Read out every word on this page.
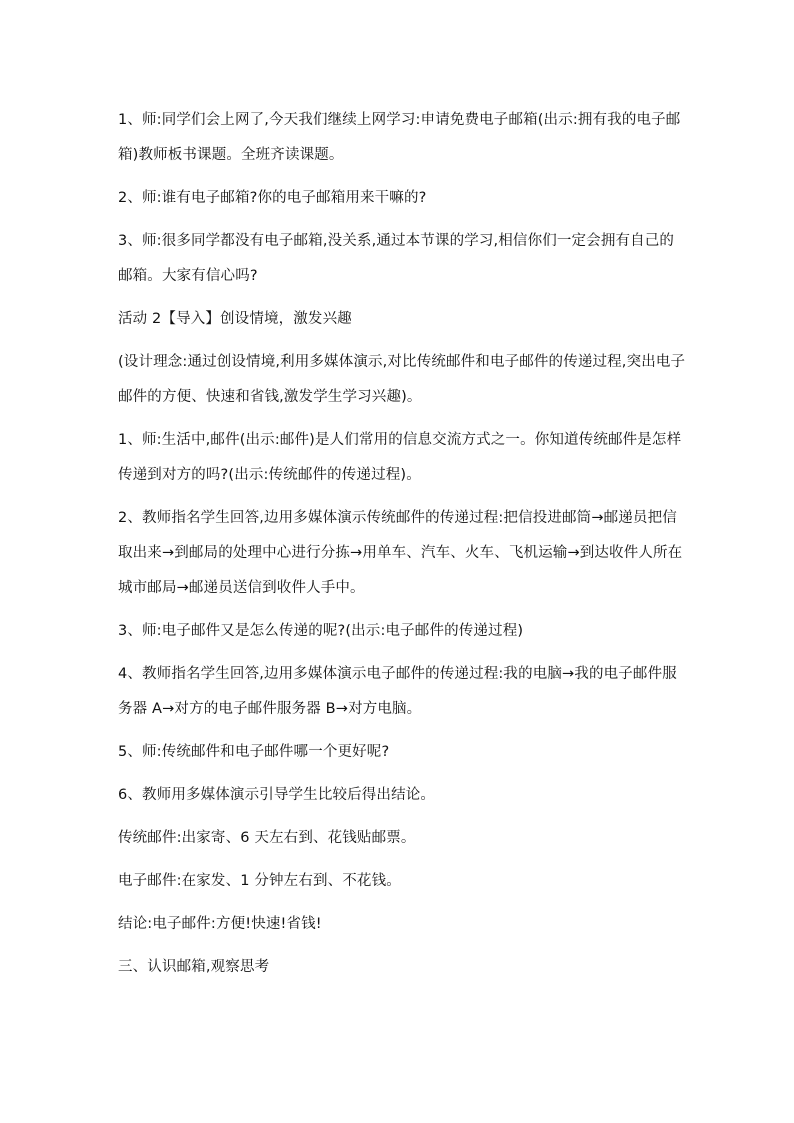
1、师:同学们会上网了,今天我们继续上网学习:申请免费电子邮箱(出示:拥有我的电子邮箱)教师板书课题。全班齐读课题。

2、师:谁有电子邮箱?你的电子邮箱用来干嘛的?

3、师:很多同学都没有电子邮箱,没关系,通过本节课的学习,相信你们一定会拥有自己的邮箱。大家有信心吗?

活动 2【导入】创设情境，激发兴趣

(设计理念:通过创设情境,利用多媒体演示,对比传统邮件和电子邮件的传递过程,突出电子邮件的方便、快速和省钱,激发学生学习兴趣)。

1、师:生活中,邮件(出示:邮件)是人们常用的信息交流方式之一。你知道传统邮件是怎样传递到对方的吗?(出示:传统邮件的传递过程)。

2、教师指名学生回答,边用多媒体演示传统邮件的传递过程:把信投进邮筒→邮递员把信取出来→到邮局的处理中心进行分拣→用单车、汽车、火车、飞机运输→到达收件人所在城市邮局→邮递员送信到收件人手中。

3、师:电子邮件又是怎么传递的呢?(出示:电子邮件的传递过程)

4、教师指名学生回答,边用多媒体演示电子邮件的传递过程:我的电脑→我的电子邮件服务器 A→对方的电子邮件服务器 B→对方电脑。

5、师:传统邮件和电子邮件哪一个更好呢?

6、教师用多媒体演示引导学生比较后得出结论。

传统邮件:出家寄、6 天左右到、花钱贴邮票。

电子邮件:在家发、1 分钟左右到、不花钱。

结论:电子邮件:方便!快速!省钱!

三、认识邮箱,观察思考
